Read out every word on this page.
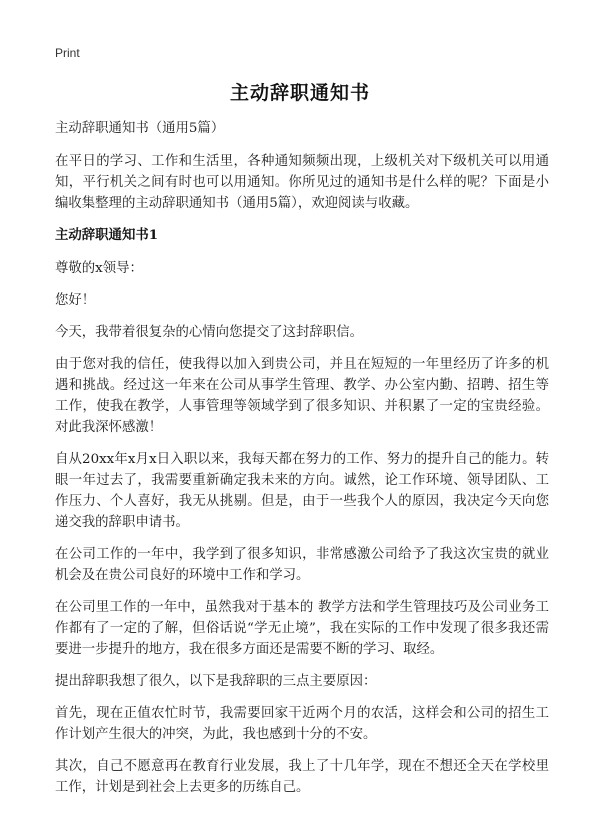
Print
主动辞职通知书

主动辞职通知书（通用5篇）

在平日的学习、工作和生活里，各种通知频频出现，上级机关对下级机关可以用通知，平行机关之间有时也可以用通知。你所见过的通知书是什么样的呢？下面是小编收集整理的主动辞职通知书（通用5篇），欢迎阅读与收藏。

主动辞职通知书1

尊敬的x领导：

您好！

今天，我带着很复杂的心情向您提交了这封辞职信。

由于您对我的信任，使我得以加入到贵公司，并且在短短的一年里经历了许多的机遇和挑战。经过这一年来在公司从事学生管理、教学、办公室内勤、招聘、招生等工作，使我在教学，人事管理等领域学到了很多知识、并积累了一定的宝贵经验。对此我深怀感激！

自从20xx年x月x日入职以来，我每天都在努力的工作、努力的提升自己的能力。转眼一年过去了，我需要重新确定我未来的方向。诚然，论工作环境、领导团队、工作压力、个人喜好，我无从挑剔。但是，由于一些我个人的原因，我决定今天向您递交我的辞职申请书。

在公司工作的一年中，我学到了很多知识，非常感激公司给予了我这次宝贵的就业机会及在贵公司良好的环境中工作和学习。

在公司里工作的一年中，虽然我对于基本的 教学方法和学生管理技巧及公司业务工作都有了一定的了解，但俗话说“学无止境”，我在实际的工作中发现了很多我还需要进一步提升的地方，我在很多方面还是需要不断的学习、取经。

提出辞职我想了很久，以下是我辞职的三点主要原因：

首先，现在正值农忙时节，我需要回家干近两个月的农活，这样会和公司的招生工作计划产生很大的冲突，为此，我也感到十分的不安。

其次，自己不愿意再在教育行业发展，我上了十几年学，现在不想还全天在学校里工作，计划是到社会上去更多的历练自己。
